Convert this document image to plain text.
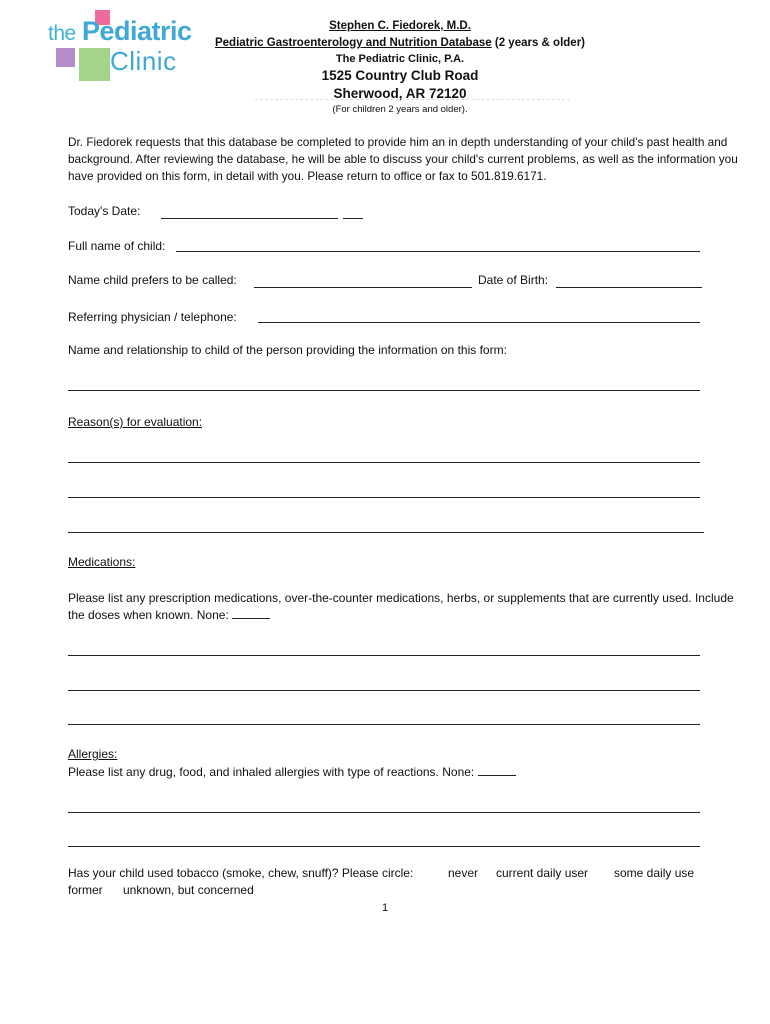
the Pediatric
Clinic
Stephen C. Fiedorek, M.D.
Pediatric Gastroenterology and Nutrition Database (2 years & older)
The Pediatric Clinic, P.A.
1525 Country Club Road
Sherwood, AR 72120
(For children 2 years and older).
Dr. Fiedorek requests that this database be completed to provide him an in depth understanding of your child's past health and background. After reviewing the database, he will be able to discuss your child's current problems, as well as the information you have provided on this form, in detail with you. Please return to office or fax to 501.819.6171.
Today's Date:
Full name of child:
Name child prefers to be called:	Date of Birth:
Referring physician / telephone:
Name and relationship to child of the person providing the information on this form:
Reason(s) for evaluation:
Medications:
Please list any prescription medications, over-the-counter medications, herbs, or supplements that are currently used. Include the doses when known. None:
Allergies:
Please list any drug, food, and inhaled allergies with type of reactions. None:
Has your child used tobacco (smoke, chew, snuff)? Please circle:	never current daily user some daily use
former unknown, but concerned
1
